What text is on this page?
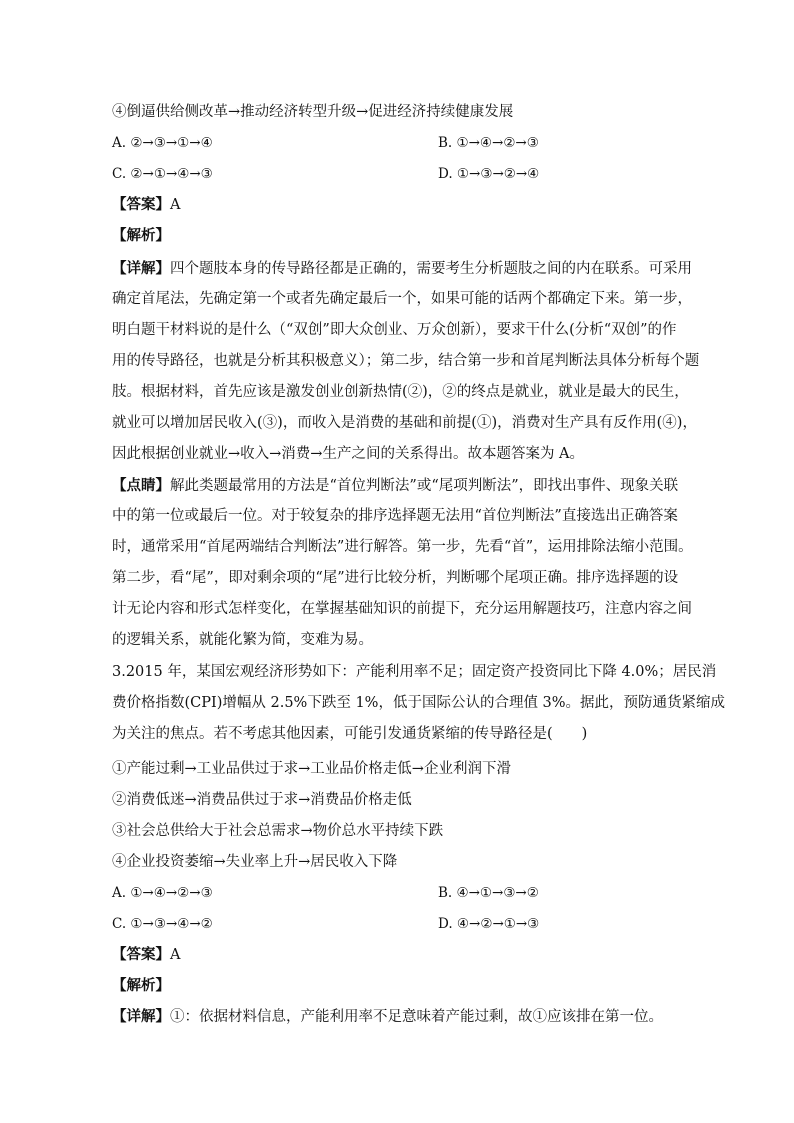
④倒逼供给侧改革→推动经济转型升级→促进经济持续健康发展
A. ②→③→①→④	B. ①→④→②→③
C. ②→①→④→③	D. ①→③→②→④
【答案】A
【解析】
【详解】四个题肢本身的传导路径都是正确的，需要考生分析题肢之间的内在联系。可采用
确定首尾法，先确定第一个或者先确定最后一个，如果可能的话两个都确定下来。第一步，
明白题干材料说的是什么（“双创”即大众创业、万众创新），要求干什么(分析“双创”的作
用的传导路径，也就是分析其积极意义）；第二步，结合第一步和首尾判断法具体分析每个题
肢。根据材料，首先应该是激发创业创新热情(②)，②的终点是就业，就业是最大的民生，
就业可以增加居民收入(③)，而收入是消费的基础和前提(①)，消费对生产具有反作用(④)，
因此根据创业就业→收入→消费→生产之间的关系得出。故本题答案为 A。
【点睛】解此类题最常用的方法是“首位判断法”或“尾项判断法”，即找出事件、现象关联
中的第一位或最后一位。对于较复杂的排序选择题无法用“首位判断法”直接选出正确答案
时，通常采用“首尾两端结合判断法”进行解答。第一步，先看“首”，运用排除法缩小范围。
第二步，看“尾”，即对剩余项的“尾”进行比较分析，判断哪个尾项正确。排序选择题的设
计无论内容和形式怎样变化，在掌握基础知识的前提下，充分运用解题技巧，注意内容之间
的逻辑关系，就能化繁为简，变难为易。
3.2015 年，某国宏观经济形势如下：产能利用率不足；固定资产投资同比下降 4.0%；居民消
费价格指数(CPI)增幅从 2.5%下跌至 1%，低于国际公认的合理值 3%。据此，预防通货紧缩成
为关注的焦点。若不考虑其他因素，可能引发通货紧缩的传导路径是(　　)
①产能过剩→工业品供过于求→工业品价格走低→企业利润下滑
②消费低迷→消费品供过于求→消费品价格走低
③社会总供给大于社会总需求→物价总水平持续下跌
④企业投资萎缩→失业率上升→居民收入下降
A. ①→④→②→③	B. ④→①→③→②
C. ①→③→④→②	D. ④→②→①→③
【答案】A
【解析】
【详解】①：依据材料信息，产能利用率不足意味着产能过剩，故①应该排在第一位。
